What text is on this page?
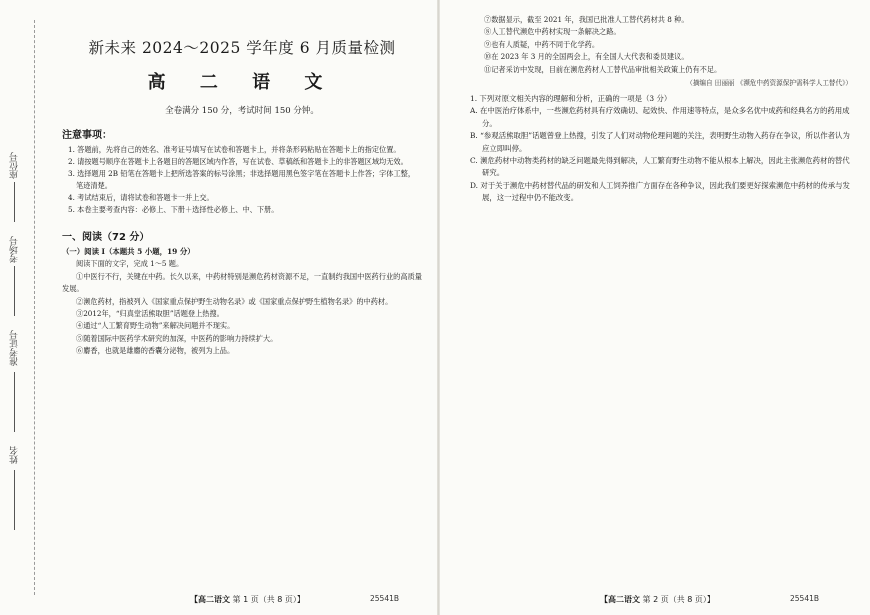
座位号
考场号
准考证号
姓名

新未来 2024～2025 学年度 6 月质量检测

高 二 语 文

全卷满分 150 分，考试时间 150 分钟。

注意事项：

1. 答题前，先将自己的姓名、准考证号填写在试卷和答题卡上，并将条形码粘贴在答题卡上的指定位置。

2. 请按题号顺序在答题卡上各题目的答题区域内作答，写在试卷、草稿纸和答题卡上的非答题区域均无效。

3. 选择题用 2B 铅笔在答题卡上把所选答案的标号涂黑；非选择题用黑色签字笔在答题卡上作答；字体工整，笔迹清楚。

4. 考试结束后，请将试卷和答题卡一并上交。

5. 本卷主要考查内容：必修上、下册＋选择性必修上、中、下册。

一、阅读（72 分）

（一）阅读 I（本题共 5 小题，19 分）

阅读下面的文字，完成 1～5 题。

①中医行不行，关键在中药。长久以来，中药材特别是濒危药材资源不足，一直制约我国中医药行业的高质量发展。

②濒危药材，指被列入《国家重点保护野生动物名录》或《国家重点保护野生植物名录》的中药材。

③2012年，“归真堂活熊取胆”话题登上热搜。

④通过“人工繁育野生动物”来解决问题并不现实。

⑤随着国际中医药学术研究的加深，中医药的影响力持续扩大。

⑥麝香，也就是雄麝的香囊分泌物，被列为上品。

⑦数据显示，截至 2021 年，我国已批准人工替代药材共 8 种。

⑧人工替代濒危中药材实现一条解决之路。

⑨也有人质疑，中药不同于化学药。

⑩在 2023 年 3 月的全国两会上，有全国人大代表和委员建议。

⑪记者采访中发现，目前在濒危药材人工替代品审批相关政策上仍有不足。

（摘编自 田丽丽 《濒危中药资源保护需科学人工替代》）

1. 下列对原文相关内容的理解和分析，正确的一项是（3 分）

A. 在中医治疗体系中，一些濒危药材具有疗效确切、起效快、作用速等特点，是众多名优中成药和经典名方的药用成分。

B. “参观活熊取胆”话题曾登上热搜，引发了人们对动物伦理问题的关注，表明野生动物入药存在争议，所以作者认为应立即叫停。

C. 濒危药材中动物类药材的缺乏问题最先得到解决，人工繁育野生动物不能从根本上解决，因此主张濒危药材的替代研究。

D. 对于关于濒危中药材替代品的研发和人工饲养推广方面存在各种争议，因此我们要更好探索濒危中药材的传承与发展，这一过程中仍不能改变。

【高二语文 第 1 页（共 8 页）】	25541B	【高二语文 第 2 页（共 8 页）】	25541B
